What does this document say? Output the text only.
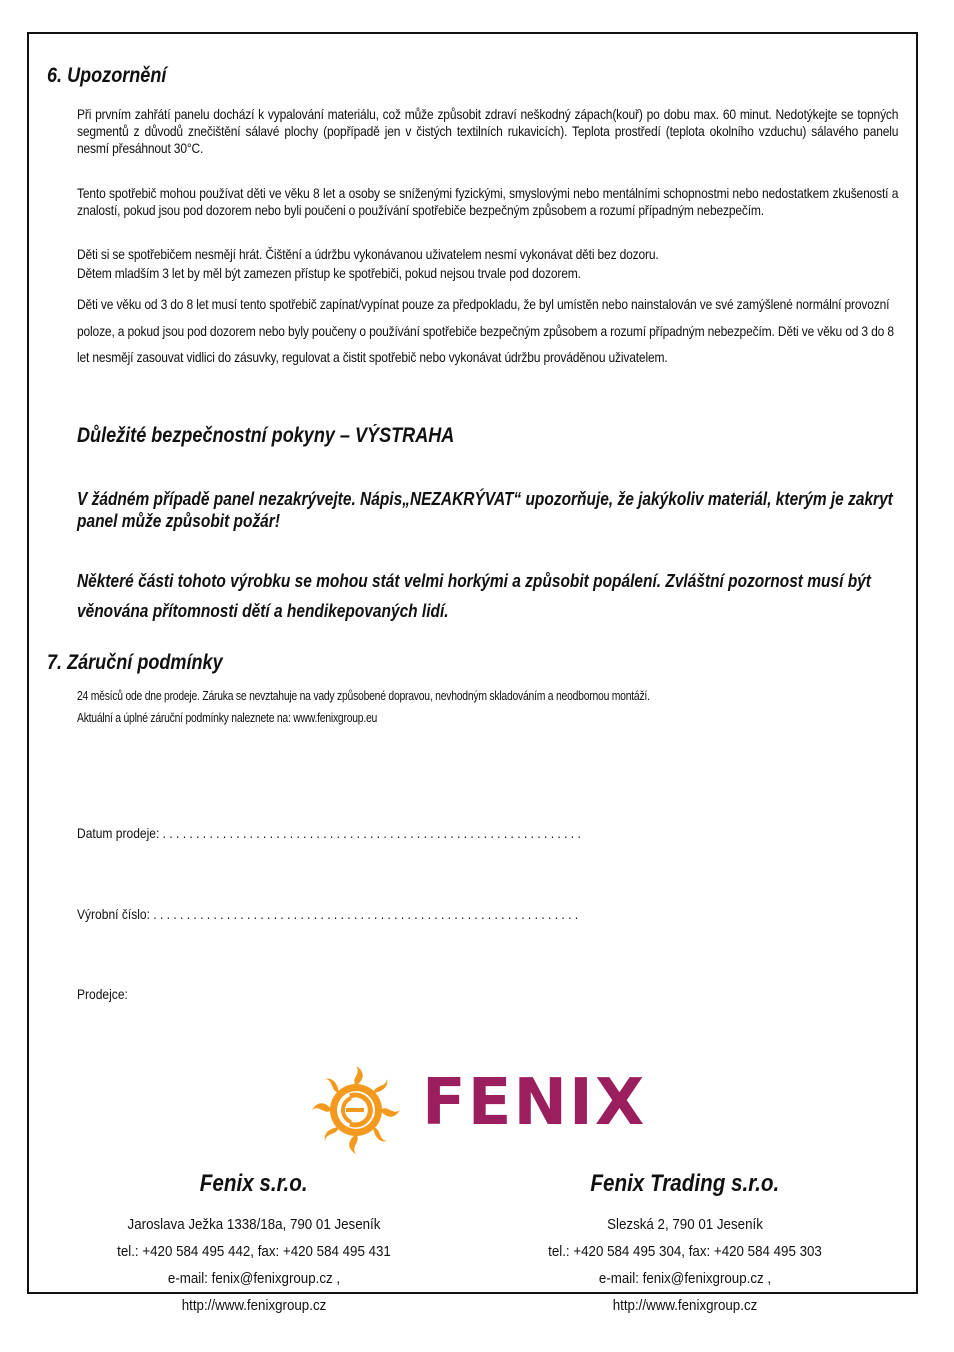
6. Upozornění
Při prvním zahřátí panelu dochází k vypalování materiálu, což může způsobit zdraví neškodný zápach(kouř) po dobu max. 60 minut. Nedotýkejte se topných segmentů z důvodů znečištění sálavé plochy (popřípadě jen v čistých textilních rukavicích). Teplota prostředí (teplota okolního vzduchu) sálavého panelu nesmí přesáhnout 30°C.
Tento spotřebič mohou používat děti ve věku 8 let a osoby se sníženými fyzickými, smyslovými nebo mentálními schopnostmi nebo nedostatkem zkušeností a znalostí, pokud jsou pod dozorem nebo byli poučeni o používání spotřebiče bezpečným způsobem a rozumí případným nebezpečím.
Děti si se spotřebičem nesmějí hrát. Čištění a údržbu vykonávanou uživatelem nesmí vykonávat děti bez dozoru.
Dětem mladším 3 let by měl být zamezen přístup ke spotřebiči, pokud nejsou trvale pod dozorem.
Děti ve věku od 3 do 8 let musí tento spotřebič zapínat/vypínat pouze za předpokladu, že byl umístěn nebo nainstalován ve své zamýšlené normální provozní poloze, a pokud jsou pod dozorem nebo byly poučeny o používání spotřebiče bezpečným způsobem a rozumí případným nebezpečím. Děti ve věku od 3 do 8 let nesmějí zasouvat vidlici do zásuvky, regulovat a čistit spotřebič nebo vykonávat údržbu prováděnou uživatelem.
Důležité bezpečnostní pokyny – VÝSTRAHA
V žádném případě panel nezakrývejte. Nápis„NEZAKRÝVAT“ upozorňuje, že jakýkoliv materiál, kterým je zakryt panel může způsobit požár!
Některé části tohoto výrobku se mohou stát velmi horkými a způsobit popálení. Zvláštní pozornost musí být věnována přítomnosti dětí a hendikepovaných lidí.
7. Záruční podmínky
24 měsíců ode dne prodeje. Záruka se nevztahuje na vady způsobené dopravou, nevhodným skladováním a neodbornou montáží.
Aktuální a úplné záruční podmínky naleznete na: www.fenixgroup.eu
Datum prodeje: . . . . . . . . . . . . . . . . . . . . . . . . . . . . . . . . . . . . . . . . . . . . . . . . . . . . . . . . . . . . . . .
Výrobní číslo: . . . . . . . . . . . . . . . . . . . . . . . . . . . . . . . . . . . . . . . . . . . . . . . . . . . . . . . . . . . . . . . .
Prodejce:
FENIX
Fenix s.r.o.
Jaroslava Ježka 1338/18a, 790 01 Jeseník
tel.: +420 584 495 442, fax: +420 584 495 431
e-mail: fenix@fenixgroup.cz , http://www.fenixgroup.cz
Fenix Trading s.r.o.
Slezská 2, 790 01 Jeseník
tel.: +420 584 495 304, fax: +420 584 495 303
e-mail: fenix@fenixgroup.cz , http://www.fenixgroup.cz
